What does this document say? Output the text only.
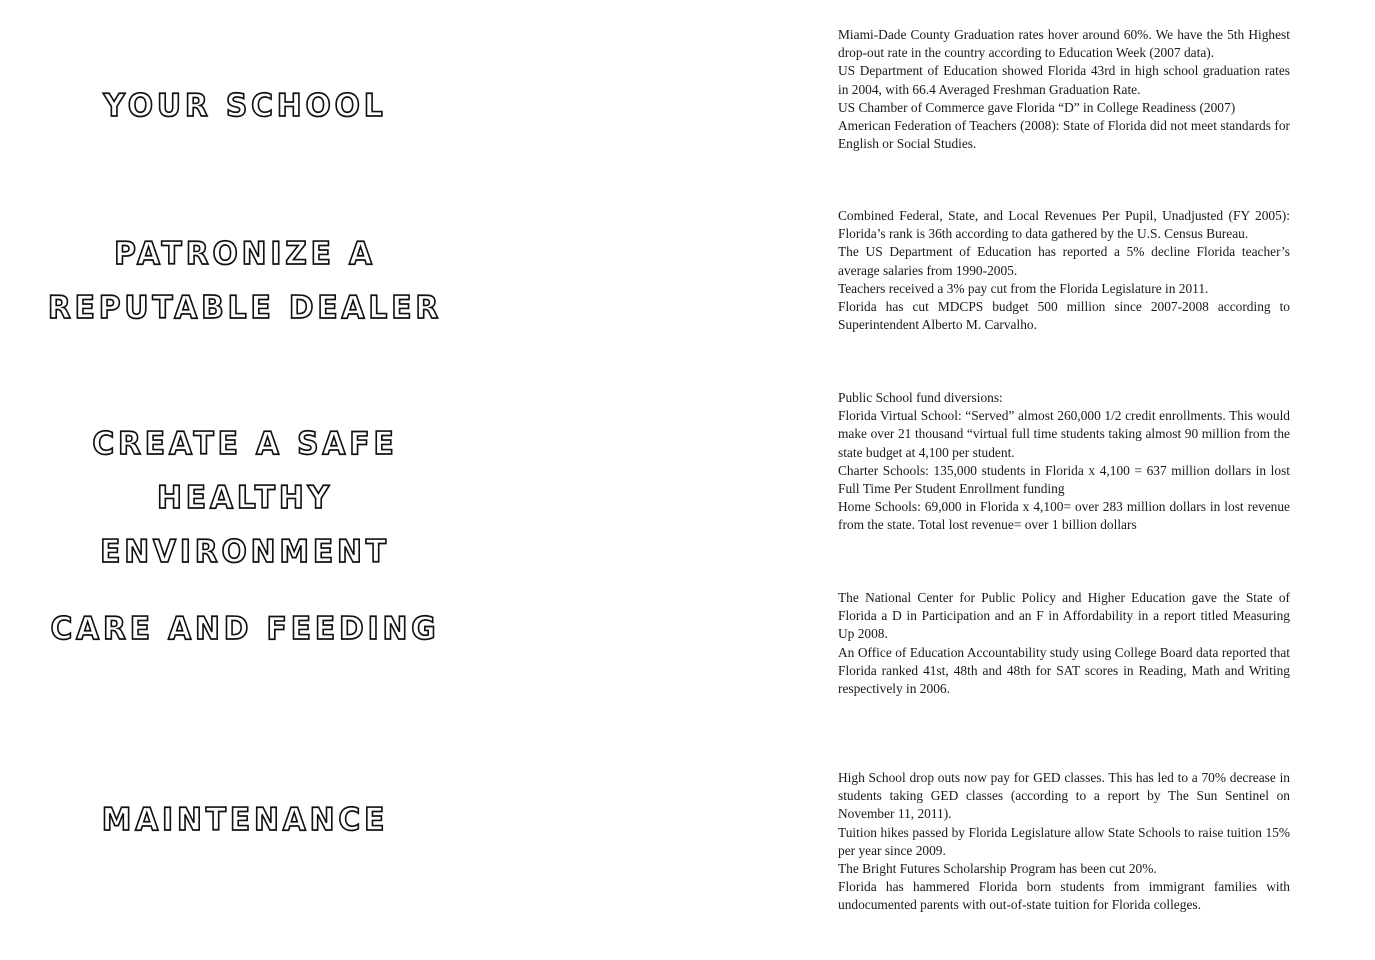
YOUR SCHOOL
PATRONIZE A
REPUTABLE DEALER
CREATE A SAFE
HEALTHY ENVIRONMENT
CARE AND FEEDING
MAINTENANCE

Miami-Dade County Graduation rates hover around 60%. We have the 5th Highest drop-out rate in the country according to Education Week (2007 data).

US Department of Education showed Florida 43rd in high school graduation rates in 2004, with 66.4 Averaged Freshman Graduation Rate.

US Chamber of Commerce gave Florida “D” in College Readiness (2007)

American Federation of Teachers (2008): State of Florida did not meet standards for English or Social Studies.

Combined Federal, State, and Local Revenues Per Pupil, Unadjusted (FY 2005): Florida’s rank is 36th according to data gathered by the U.S. Census Bureau.

The US Department of Education has reported a 5% decline Florida teacher’s average salaries from 1990-2005.

Teachers received a 3% pay cut from the Florida Legislature in 2011.

Florida has cut MDCPS budget 500 million since 2007-2008 according to Superintendent Alberto M. Carvalho.

Public School fund diversions:

Florida Virtual School: “Served” almost 260,000 1/2 credit enrollments. This would make over 21 thousand “virtual full time students taking almost 90 million from the state budget at 4,100 per student.

Charter Schools: 135,000 students in Florida x 4,100 = 637 million dollars in lost Full Time Per Student Enrollment funding

Home Schools: 69,000 in Florida x 4,100= over 283 million dollars in lost revenue from the state. Total lost revenue= over 1 billion dollars

The National Center for Public Policy and Higher Education gave the State of Florida a D in Participation and an F in Affordability in a report titled Measuring Up 2008.

An Office of Education Accountability study using College Board data reported that Florida ranked 41st, 48th and 48th for SAT scores in Reading, Math and Writing respectively in 2006.

High School drop outs now pay for GED classes. This has led to a 70% decrease in students taking GED classes (according to a report by The Sun Sentinel on November 11, 2011).

Tuition hikes passed by Florida Legislature allow State Schools to raise tuition 15% per year since 2009.

The Bright Futures Scholarship Program has been cut 20%.

Florida has hammered Florida born students from immigrant families with undocumented parents with out-of-state tuition for Florida colleges.
